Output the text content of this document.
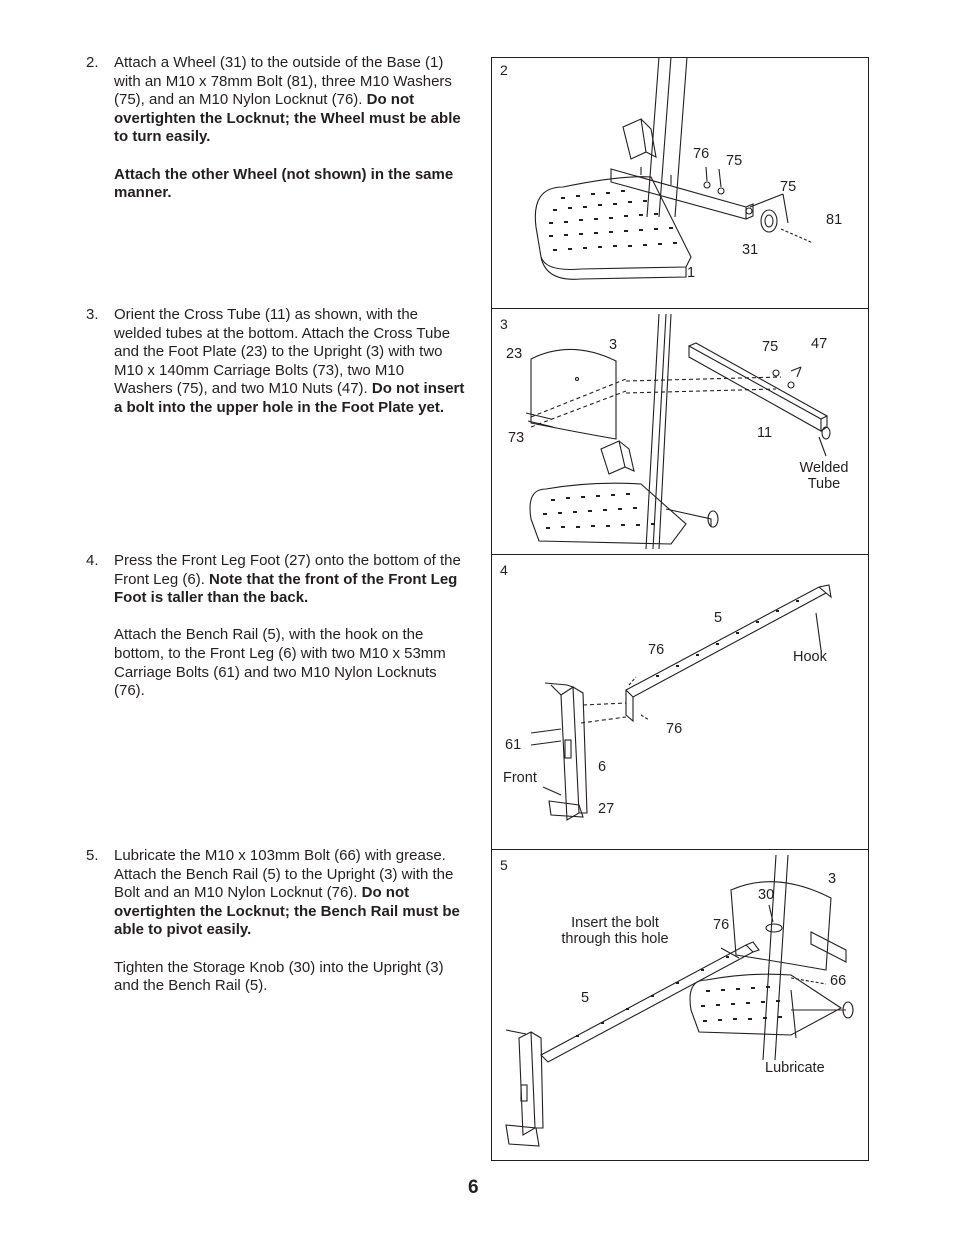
2. Attach a Wheel (31) to the outside of the Base (1) with an M10 x 78mm Bolt (81), three M10 Washers (75), and an M10 Nylon Locknut (76). Do not overtighten the Locknut; the Wheel must be able to turn easily.

Attach the other Wheel (not shown) in the same manner.

3. Orient the Cross Tube (11) as shown, with the welded tubes at the bottom. Attach the Cross Tube and the Foot Plate (23) to the Upright (3) with two M10 x 140mm Carriage Bolts (73), two M10 Washers (75), and two M10 Nuts (47). Do not insert a bolt into the upper hole in the Foot Plate yet.

4. Press the Front Leg Foot (27) onto the bottom of the Front Leg (6). Note that the front of the Front Leg Foot is taller than the back.

Attach the Bench Rail (5), with the hook on the bottom, to the Front Leg (6) with two M10 x 53mm Carriage Bolts (61) and two M10 Nylon Locknuts (76).

5. Lubricate the M10 x 103mm Bolt (66) with grease. Attach the Bench Rail (5) to the Upright (3) with the Bolt and an M10 Nylon Locknut (76). Do not overtighten the Locknut; the Bench Rail must be able to pivot easily.

Tighten the Storage Knob (30) into the Upright (3) and the Bench Rail (5).

2
76 75
75
81
31
1
3
23
3	75 47
73	11
Welded
Tube
4
5
76	Hook
76
61
6
Front
27
5
3
30
Insert the bolt
through this hole
76
66
5
Lubricate
6
